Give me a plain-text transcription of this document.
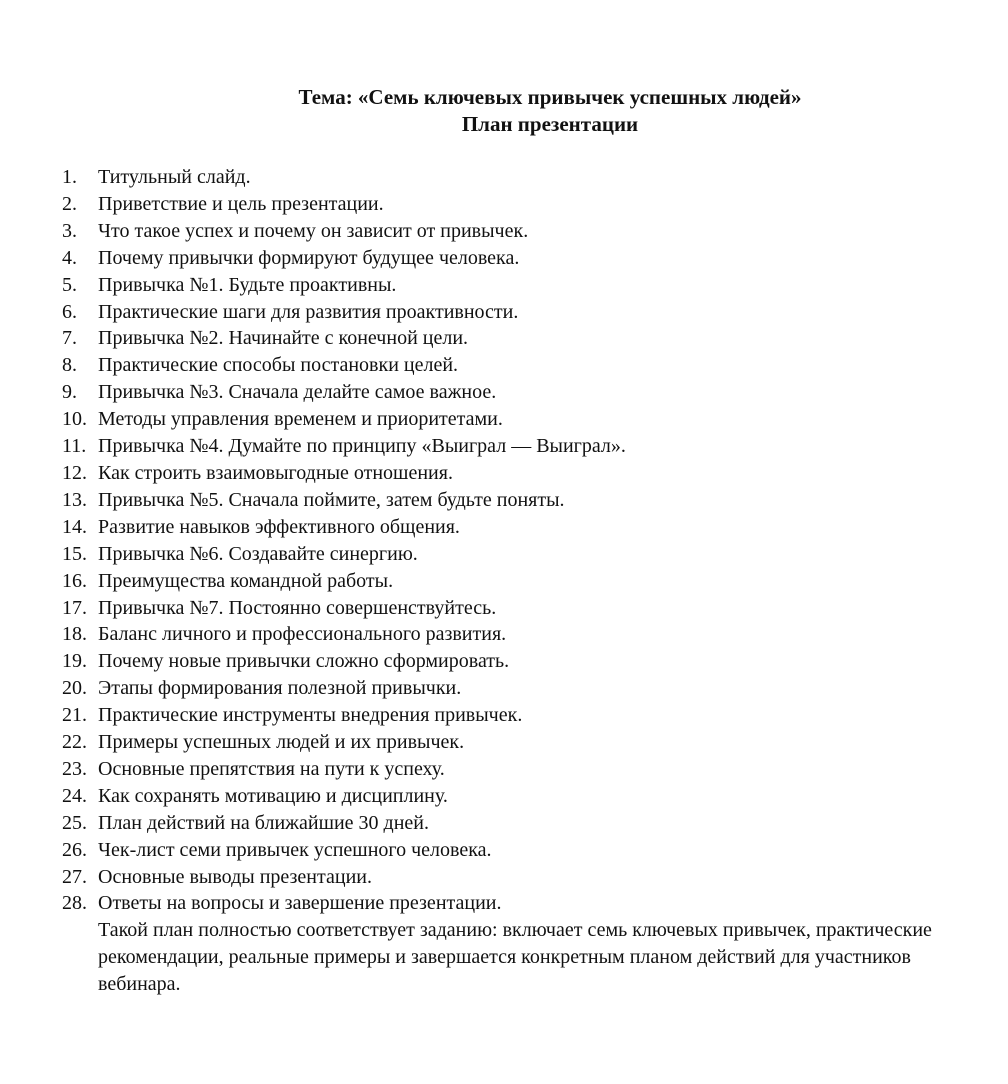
Тема: «Семь ключевых привычек успешных людей»
План презентации
1.	Титульный слайд.
2.	Приветствие и цель презентации.
3.	Что такое успех и почему он зависит от привычек.
4.	Почему привычки формируют будущее человека.
5.	Привычка №1. Будьте проактивны.
6.	Практические шаги для развития проактивности.
7.	Привычка №2. Начинайте с конечной цели.
8.	Практические способы постановки целей.
9.	Привычка №3. Сначала делайте самое важное.
10. Методы управления временем и приоритетами.
11. Привычка №4. Думайте по принципу «Выиграл — Выиграл».
12. Как строить взаимовыгодные отношения.
13. Привычка №5. Сначала поймите, затем будьте поняты.
14. Развитие навыков эффективного общения.
15. Привычка №6. Создавайте синергию.
16. Преимущества командной работы.
17. Привычка №7. Постоянно совершенствуйтесь.
18. Баланс личного и профессионального развития.
19. Почему новые привычки сложно сформировать.
20. Этапы формирования полезной привычки.
21. Практические инструменты внедрения привычек.
22. Примеры успешных людей и их привычек.
23. Основные препятствия на пути к успеху.
24. Как сохранять мотивацию и дисциплину.
25. План действий на ближайшие 30 дней.
26. Чек-лист семи привычек успешного человека.
27. Основные выводы презентации.
28. Ответы на вопросы и завершение презентации.

Такой план полностью соответствует заданию: включает семь ключевых привычек, практические рекомендации, реальные примеры и завершается конкретным планом действий для участников вебинара.
